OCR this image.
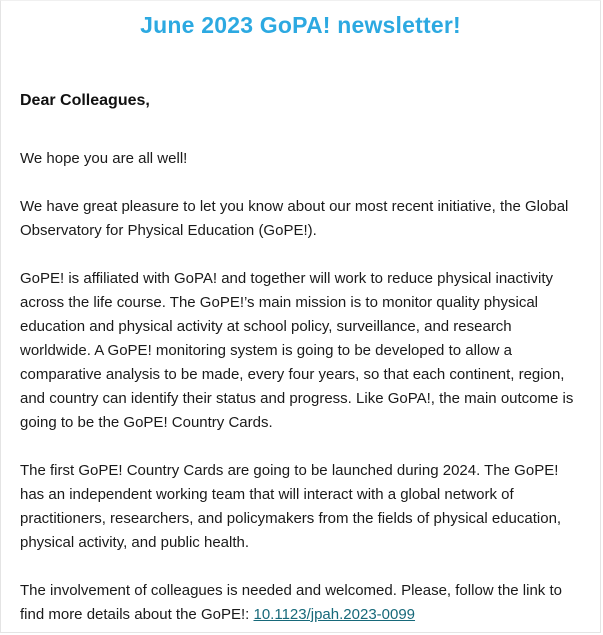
June 2023 GoPA! newsletter!

Dear Colleagues,

We hope you are all well!

We have great pleasure to let you know about our most recent initiative, the Global Observatory for Physical Education (GoPE!).

GoPE! is affiliated with GoPA! and together will work to reduce physical inactivity across the life course. The GoPE!’s main mission is to monitor quality physical education and physical activity at school policy, surveillance, and research worldwide. A GoPE! monitoring system is going to be developed to allow a comparative analysis to be made, every four years, so that each continent, region, and country can identify their status and progress. Like GoPA!, the main outcome is going to be the GoPE! Country Cards.

The first GoPE! Country Cards are going to be launched during 2024. The GoPE! has an independent working team that will interact with a global network of practitioners, researchers, and policymakers from the fields of physical education, physical activity, and public health.

The involvement of colleagues is needed and welcomed. Please, follow the link to find more details about the GoPE!: 10.1123/jpah.2023-0099
